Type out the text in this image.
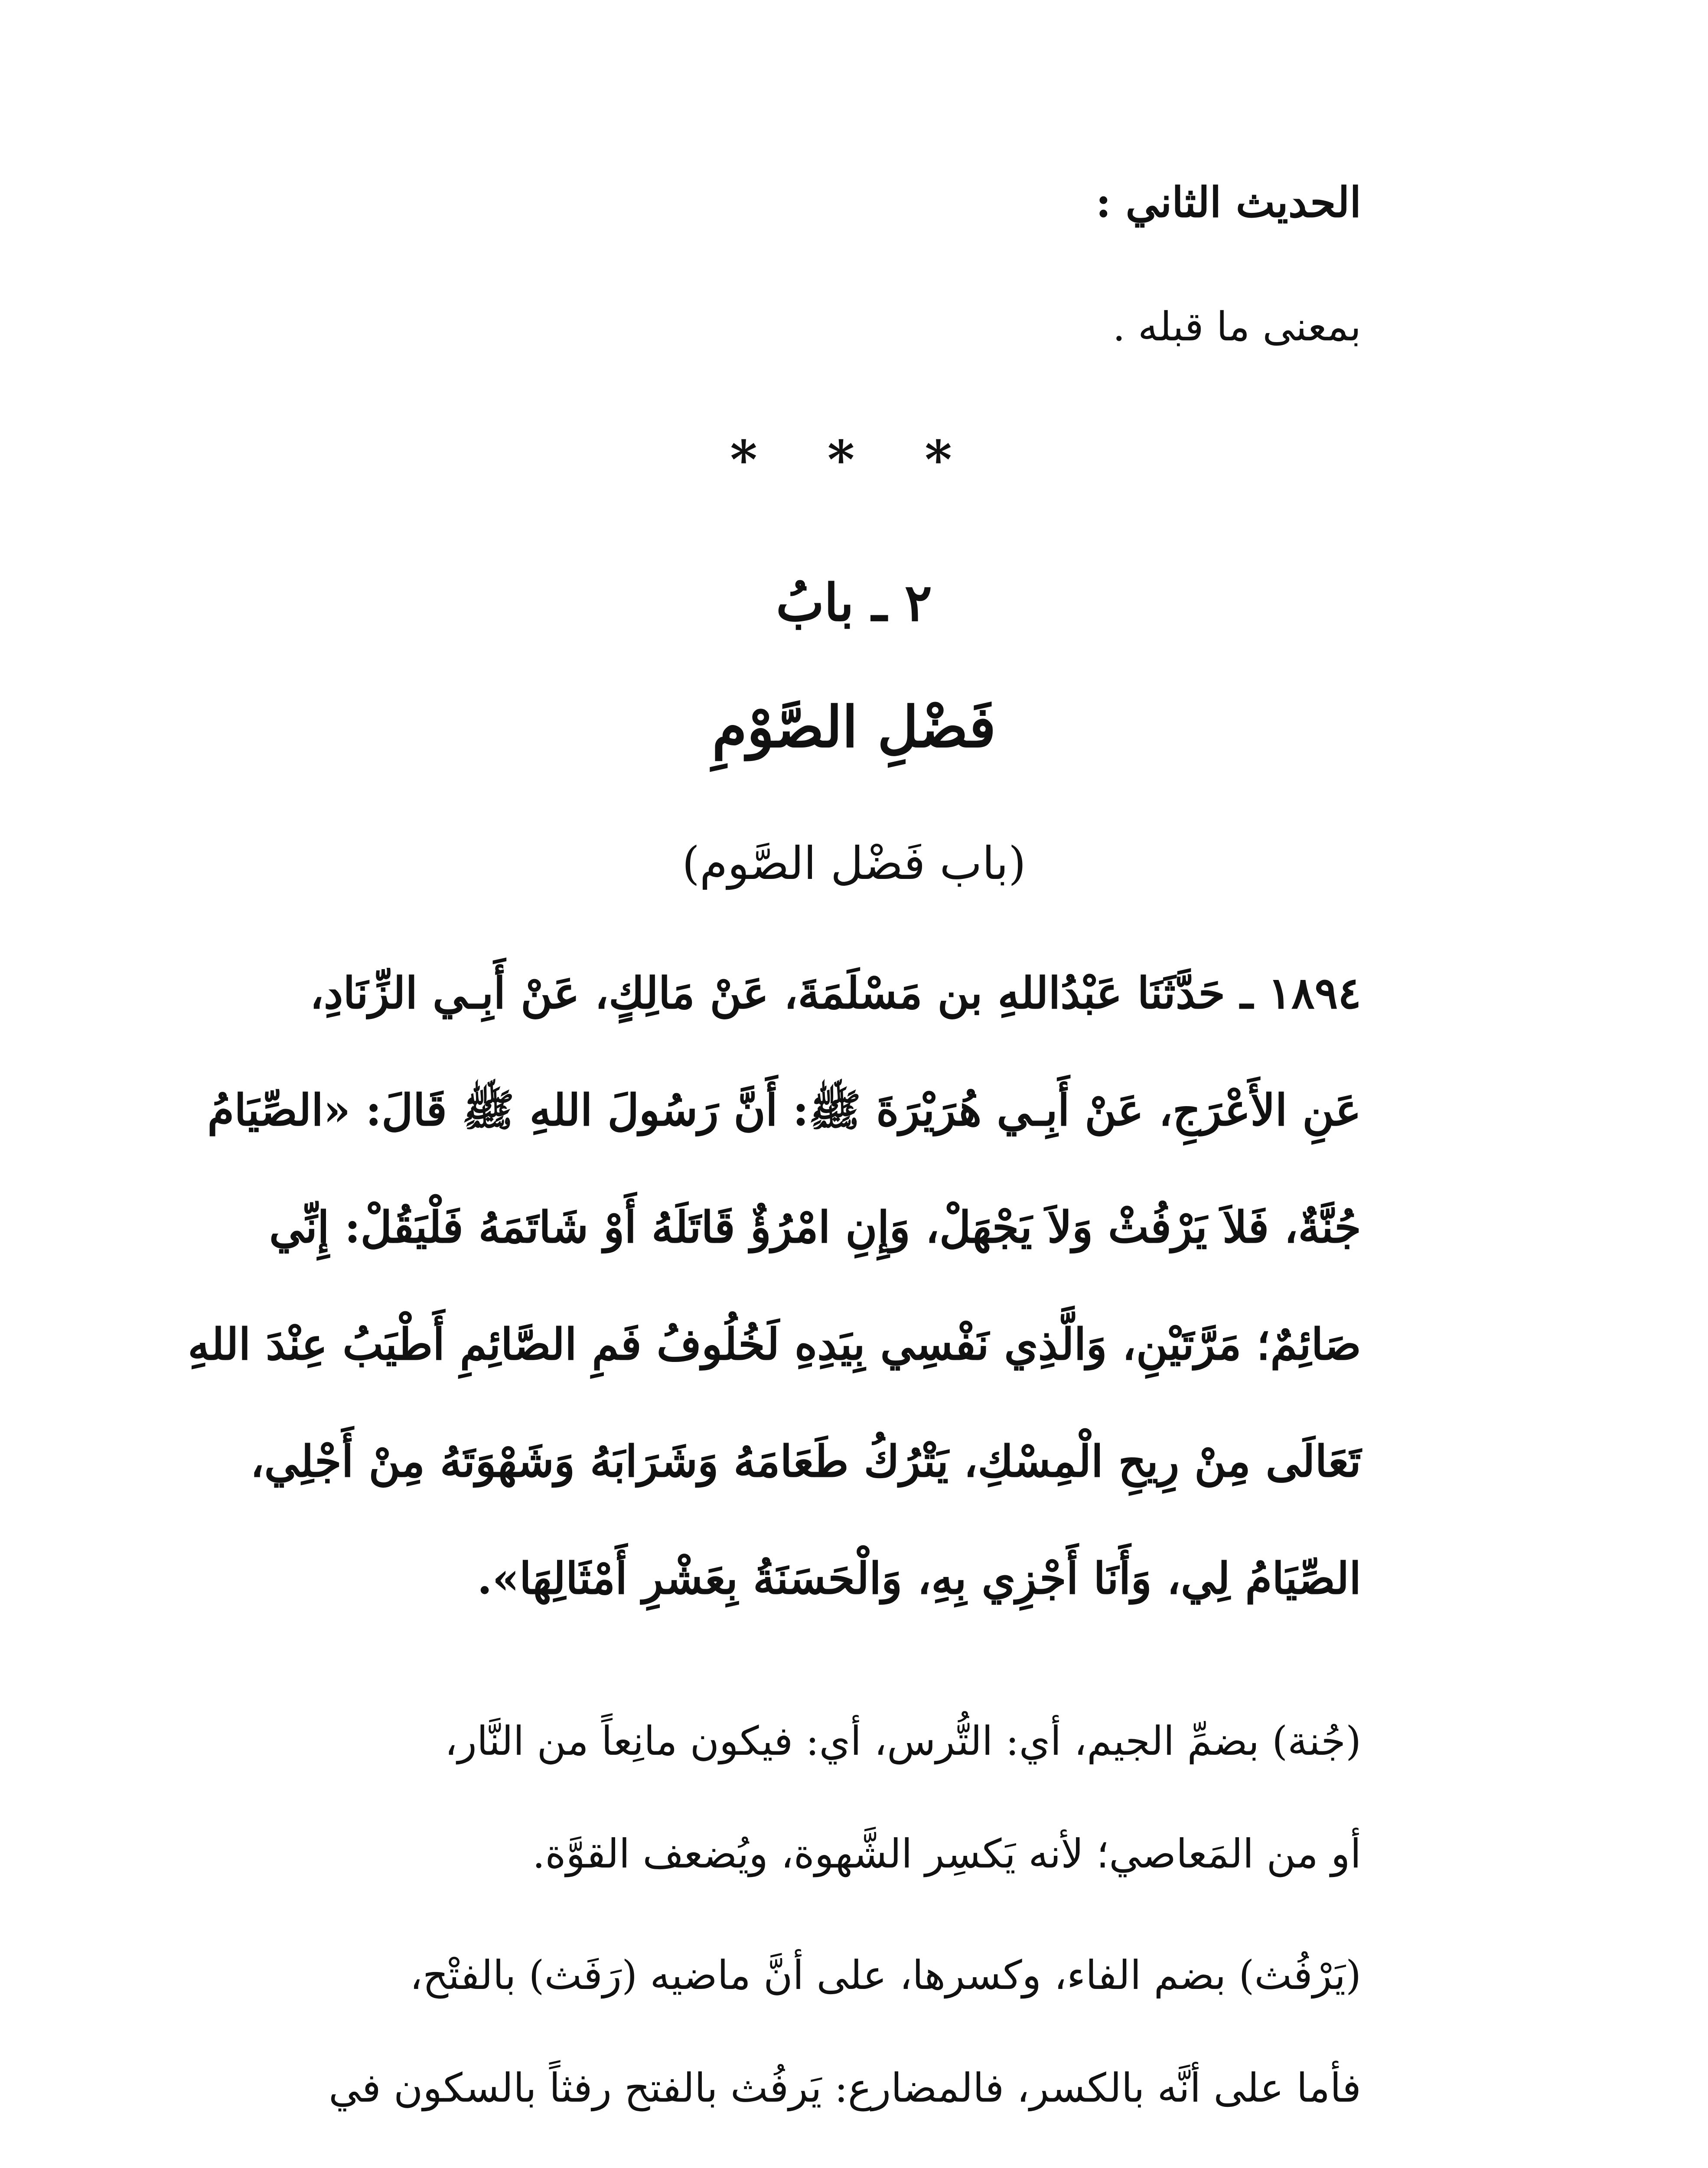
الحديث الثاني :
بمعنى ما قبله .
* * *
٢ ـ بابُ
فَضْلِ الصَّوْمِ
(باب فَضْل الصَّوم)
١٨٩٤ ـ حَدَّثَنَا عَبْدُاللهِ بن مَسْلَمَةَ، عَنْ مَالِكٍ، عَنْ أَبِـي الزِّنَادِ،
عَنِ الأَعْرَجِ، عَنْ أَبِـي هُرَيْرَةَ ﷺ: أَنَّ رَسُولَ اللهِ ﷺ قَالَ: «الصِّيَامُ
جُنَّةٌ، فَلاَ يَرْفُثْ وَلاَ يَجْهَلْ، وَإِنِ امْرُؤٌ قَاتَلَهُ أَوْ شَاتَمَهُ فَلْيَقُلْ: إِنِّي
صَائِمٌ؛ مَرَّتَيْنِ، وَالَّذِي نَفْسِي بِيَدِهِ لَخُلُوفُ فَمِ الصَّائِمِ أَطْيَبُ عِنْدَ اللهِ
تَعَالَى مِنْ رِيحِ الْمِسْكِ، يَتْرُكُ طَعَامَهُ وَشَرَابَهُ وَشَهْوَتَهُ مِنْ أَجْلِي،
الصِّيَامُ لِي، وَأَنَا أَجْزِي بِهِ، وَالْحَسَنَةُ بِعَشْرِ أَمْثَالِهَا».
(جُنة) بضمِّ الجيم، أي: التُّرس، أي: فيكون مانِعاً من النَّار،
أو من المَعاصي؛ لأنه يَكسِر الشَّهوة، ويُضعف القوَّة.
(يَرْفُث) بضم الفاء، وكسرها، على أنَّ ماضيه (رَفَث) بالفتْح،
فأما على أنَّه بالكسر، فالمضارع: يَرفُث بالفتح رفثاً بالسكون في
